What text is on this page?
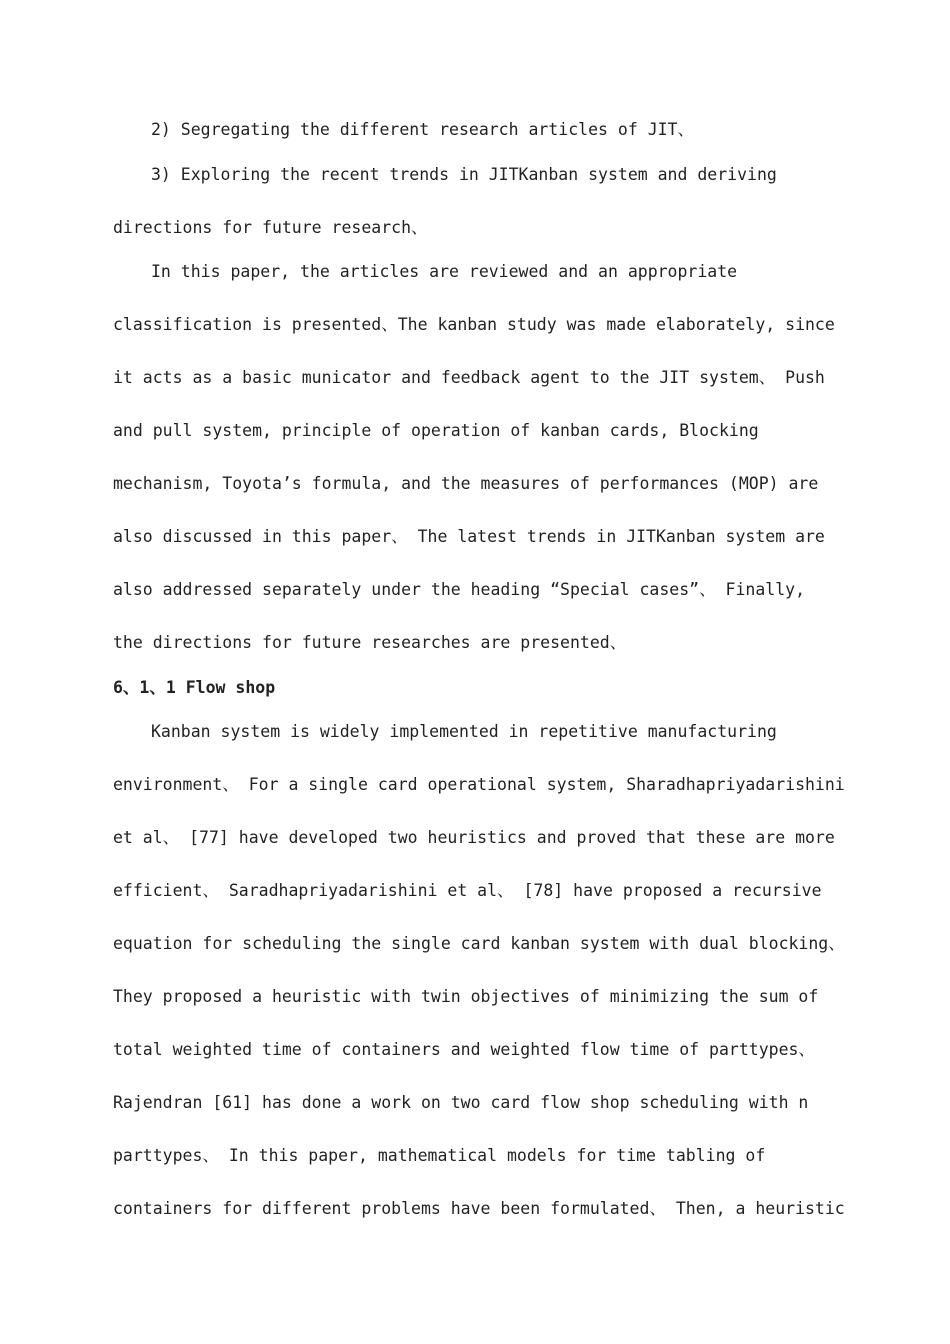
2) Segregating the different research articles of JIT、
3) Exploring the recent trends in JITKanban system and deriving
directions for future research、
In this paper, the articles are reviewed and an appropriate
classification is presented、The kanban study was made elaborately, since
it acts as a basic municator and feedback agent to the JIT system、 Push
and pull system, principle of operation of kanban cards, Blocking
mechanism, Toyota’s formula, and the measures of performances (MOP) are
also discussed in this paper、 The latest trends in JITKanban system are
also addressed separately under the heading “Special cases”、 Finally,
the directions for future researches are presented、
6、1、1 Flow shop
Kanban system is widely implemented in repetitive manufacturing
environment、 For a single card operational system, Sharadhapriyadarishini
et al、 [77] have developed two heuristics and proved that these are more
efficient、 Saradhapriyadarishini et al、 [78] have proposed a recursive
equation for scheduling the single card kanban system with dual blocking、
They proposed a heuristic with twin objectives of minimizing the sum of
total weighted time of containers and weighted flow time of parttypes、
Rajendran [61] has done a work on two card flow shop scheduling with n
parttypes、 In this paper, mathematical models for time tabling of
containers for different problems have been formulated、 Then, a heuristic
